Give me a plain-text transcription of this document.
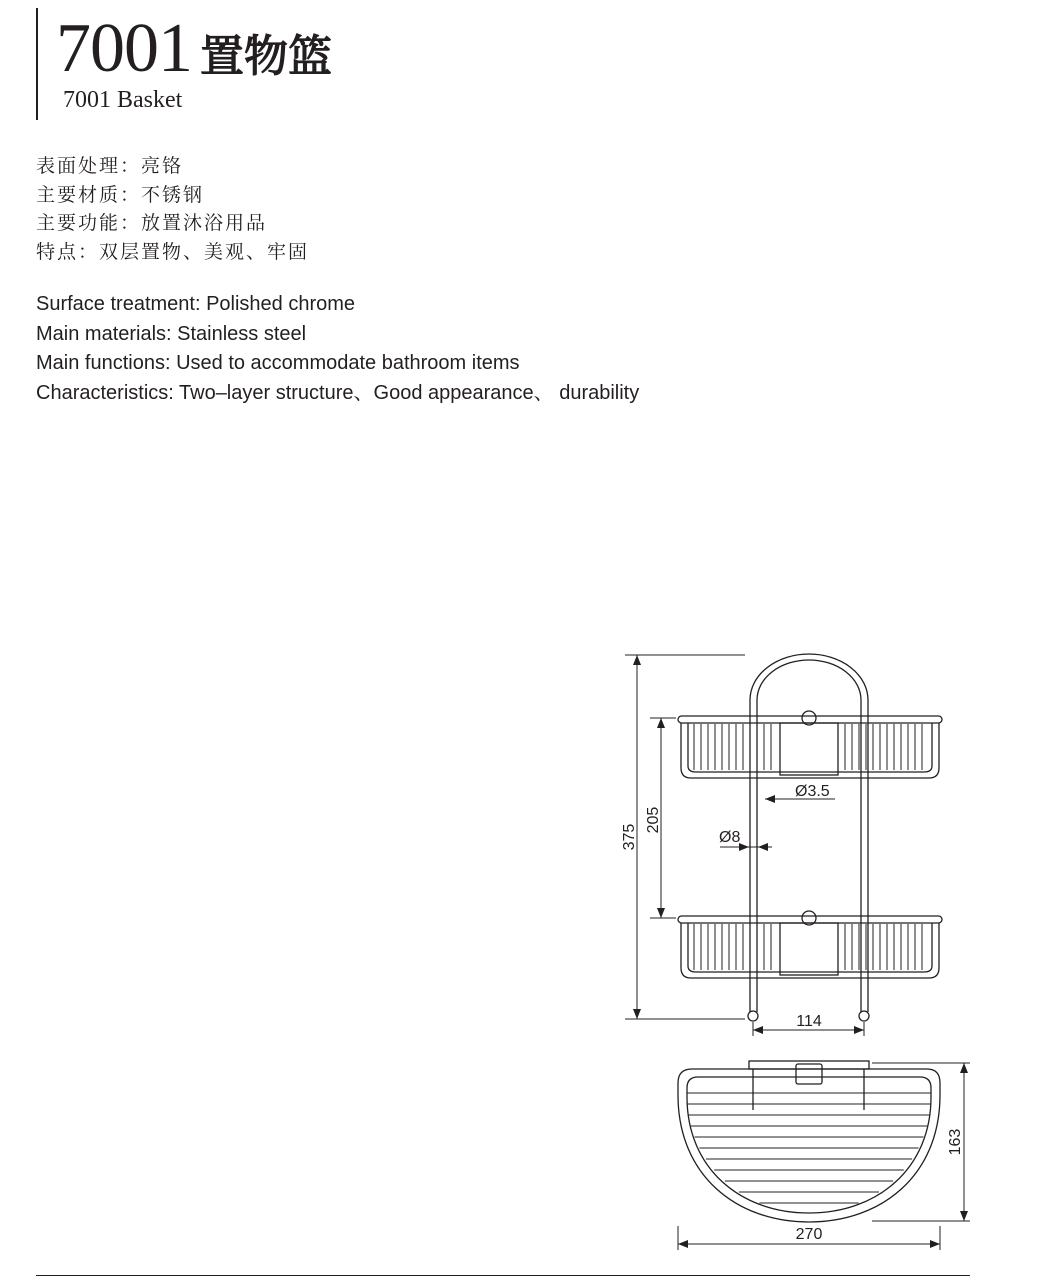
7001 置物篮
7001 Basket
表面处理：亮铬
主要材质：不锈钢
主要功能：放置沐浴用品
特点：双层置物、美观、牢固
Surface treatment: Polished chrome
Main materials: Stainless steel
Main functions: Used to accommodate bathroom items
Characteristics: Two–layer structure、Good appearance、 durability
375
205
Ø3.5
Ø8
114
163
270
